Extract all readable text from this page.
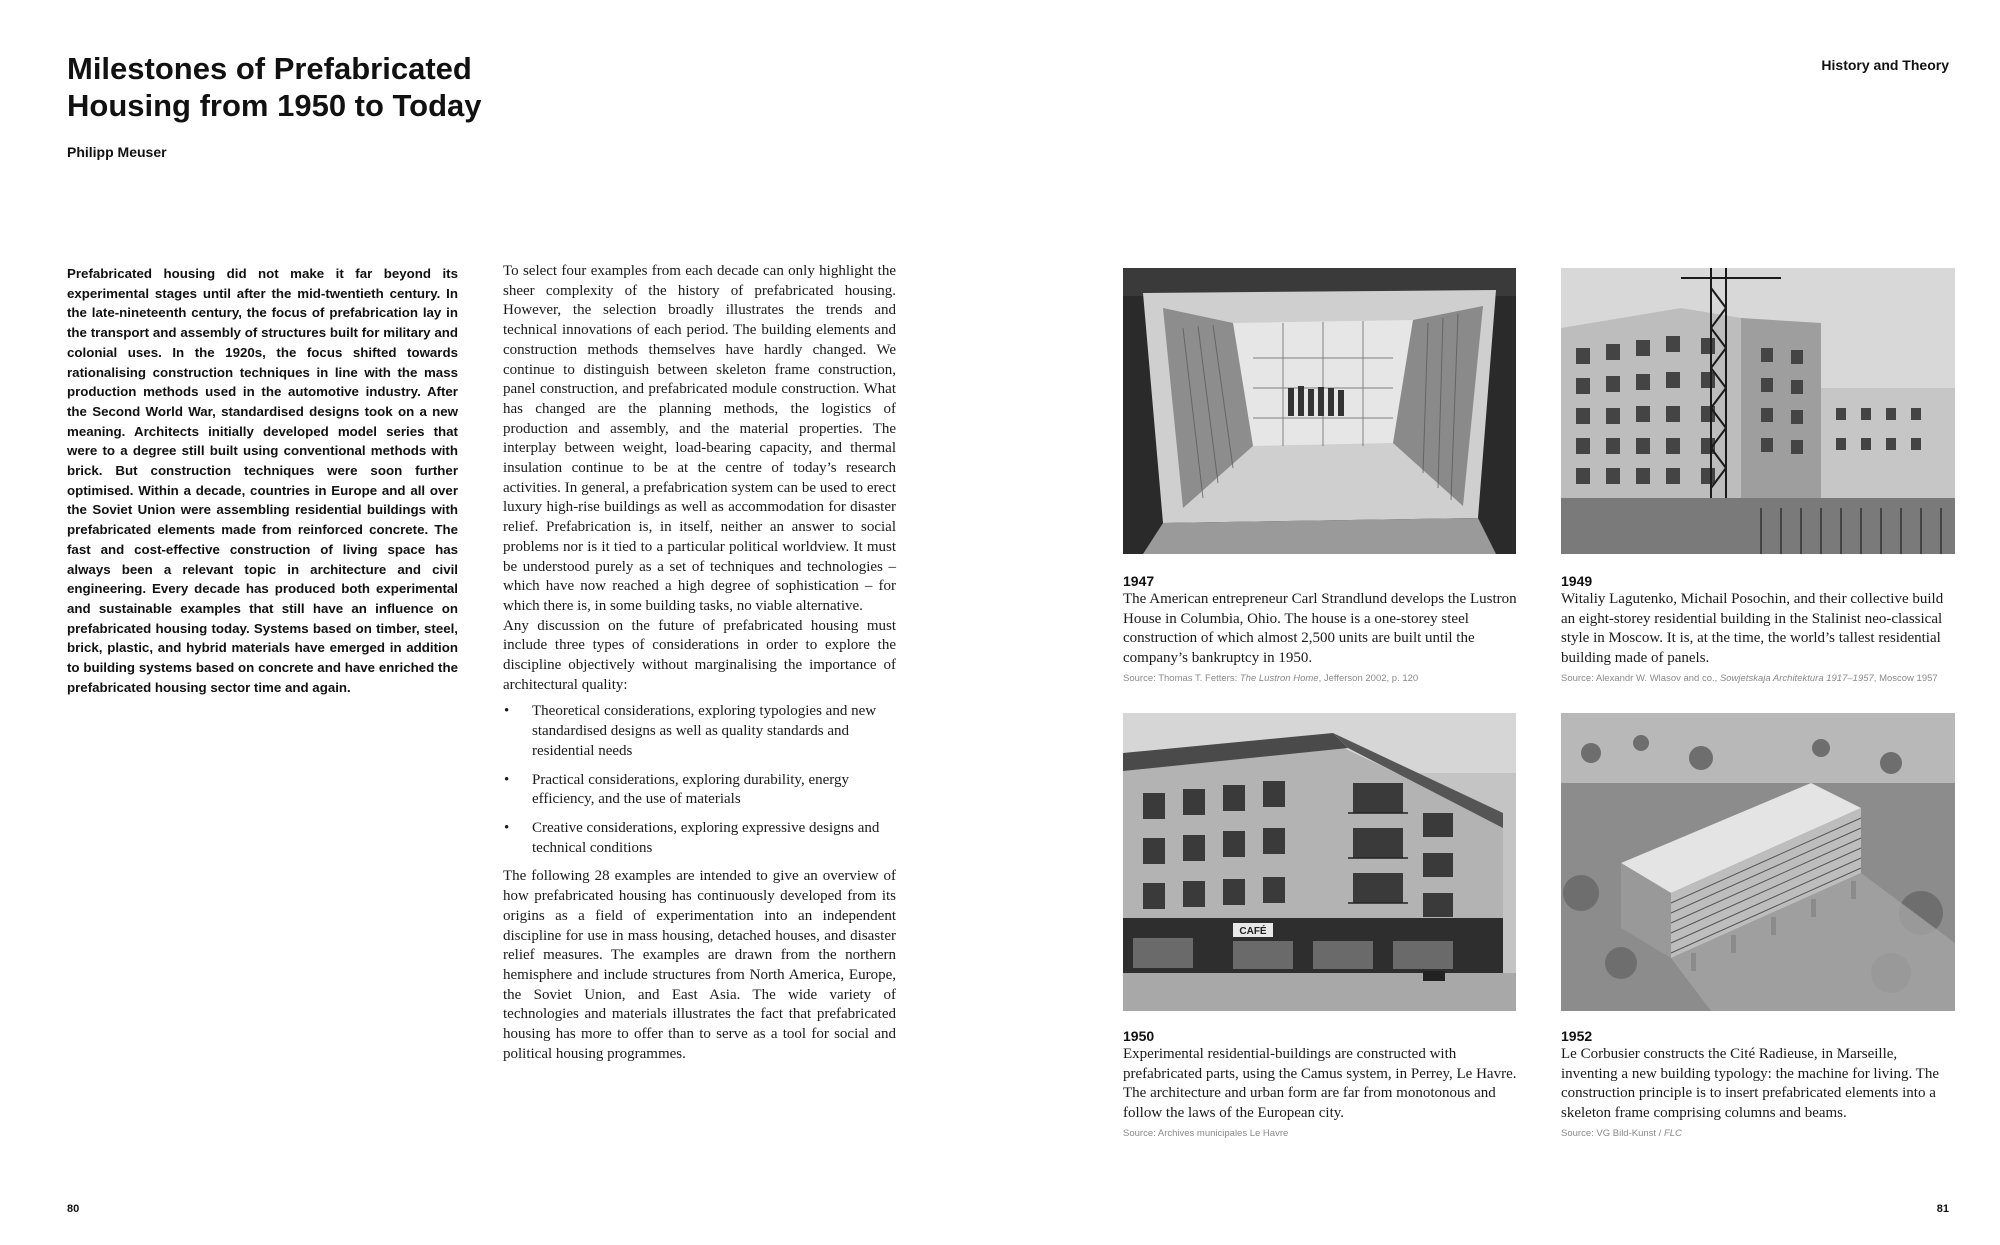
Milestones of Prefabricated Housing from 1950 to Today
Philipp Meuser

Prefabricated housing did not make it far beyond its experimental stages until after the mid-twentieth century. In the late-nineteenth century, the focus of prefabrication lay in the transport and assembly of structures built for military and colonial uses. In the 1920s, the focus shifted towards rationalising construction techniques in line with the mass production methods used in the automotive industry. After the Second World War, standardised designs took on a new meaning. Architects initially developed model series that were to a degree still built using conventional methods with brick. But construction techniques were soon further optimised. Within a decade, countries in Europe and all over the Soviet Union were assembling residential buildings with prefabricated elements made from reinforced concrete. The fast and cost-effective construction of living space has always been a relevant topic in architecture and civil engineering. Every decade has produced both experimental and sustainable examples that still have an influence on prefabricated housing today. Systems based on timber, steel, brick, plastic, and hybrid materials have emerged in addition to building systems based on concrete and have enriched the prefabricated housing sector time and again.

To select four examples from each decade can only highlight the sheer complexity of the history of prefabricated housing. However, the selection broadly illustrates the trends and technical innovations of each period. The building elements and construction methods themselves have hardly changed. We continue to distinguish between skeleton frame construction, panel construction, and prefabricated module construction. What has changed are the planning methods, the logistics of production and assembly, and the material properties. The interplay between weight, load-bearing capacity, and thermal insulation continue to be at the centre of today’s research activities. In general, a prefabrication system can be used to erect luxury high-rise buildings as well as accommodation for disaster relief. Prefabrication is, in itself, neither an answer to social problems nor is it tied to a particular political worldview. It must be understood purely as a set of techniques and technologies – which have now reached a high degree of sophistication – for which there is, in some building tasks, no viable alternative.

Any discussion on the future of prefabricated housing must include three types of considerations in order to explore the discipline objectively without marginalising the importance of architectural quality:

• Theoretical considerations, exploring typologies and new standardised designs as well as quality standards and residential needs
• Practical considerations, exploring durability, energy efficiency, and the use of materials
• Creative considerations, exploring expressive designs and technical conditions

The following 28 examples are intended to give an overview of how prefabricated housing has continuously developed from its origins as a field of experimentation into an independent discipline for use in mass housing, detached houses, and disaster relief measures. The examples are drawn from the northern hemisphere and include structures from North America, Europe, the Soviet Union, and East Asia. The wide variety of technologies and materials illustrates the fact that prefabricated housing has more to offer than to serve as a tool for social and political housing programmes.

80
History and Theory
1947
The American entrepreneur Carl Strandlund develops the Lustron House in Columbia, Ohio. The house is a one-storey steel construction of which almost 2,500 units are built until the company’s bankruptcy in 1950.
Source: Thomas T. Fetters: The Lustron Home, Jefferson 2002, p. 120
1949
Witaliy Lagutenko, Michail Posochin, and their collective build an eight-storey residential building in the Stalinist neo-classical style in Moscow. It is, at the time, the world’s tallest residential building made of panels.
Source: Alexandr W. Wlasov and co., Sowjetskaja Architektura 1917–1957, Moscow 1957
CAFÉ
1950
Experimental residential-buildings are constructed with prefabricated parts, using the Camus system, in Perrey, Le Havre. The architecture and urban form are far from monotonous and follow the laws of the European city.
Source: Archives municipales Le Havre
1952
Le Corbusier constructs the Cité Radieuse, in Marseille, inventing a new building typology: the machine for living. The construction principle is to insert prefabricated elements into a skeleton frame comprising columns and beams.
Source: VG Bild-Kunst / FLC
81
